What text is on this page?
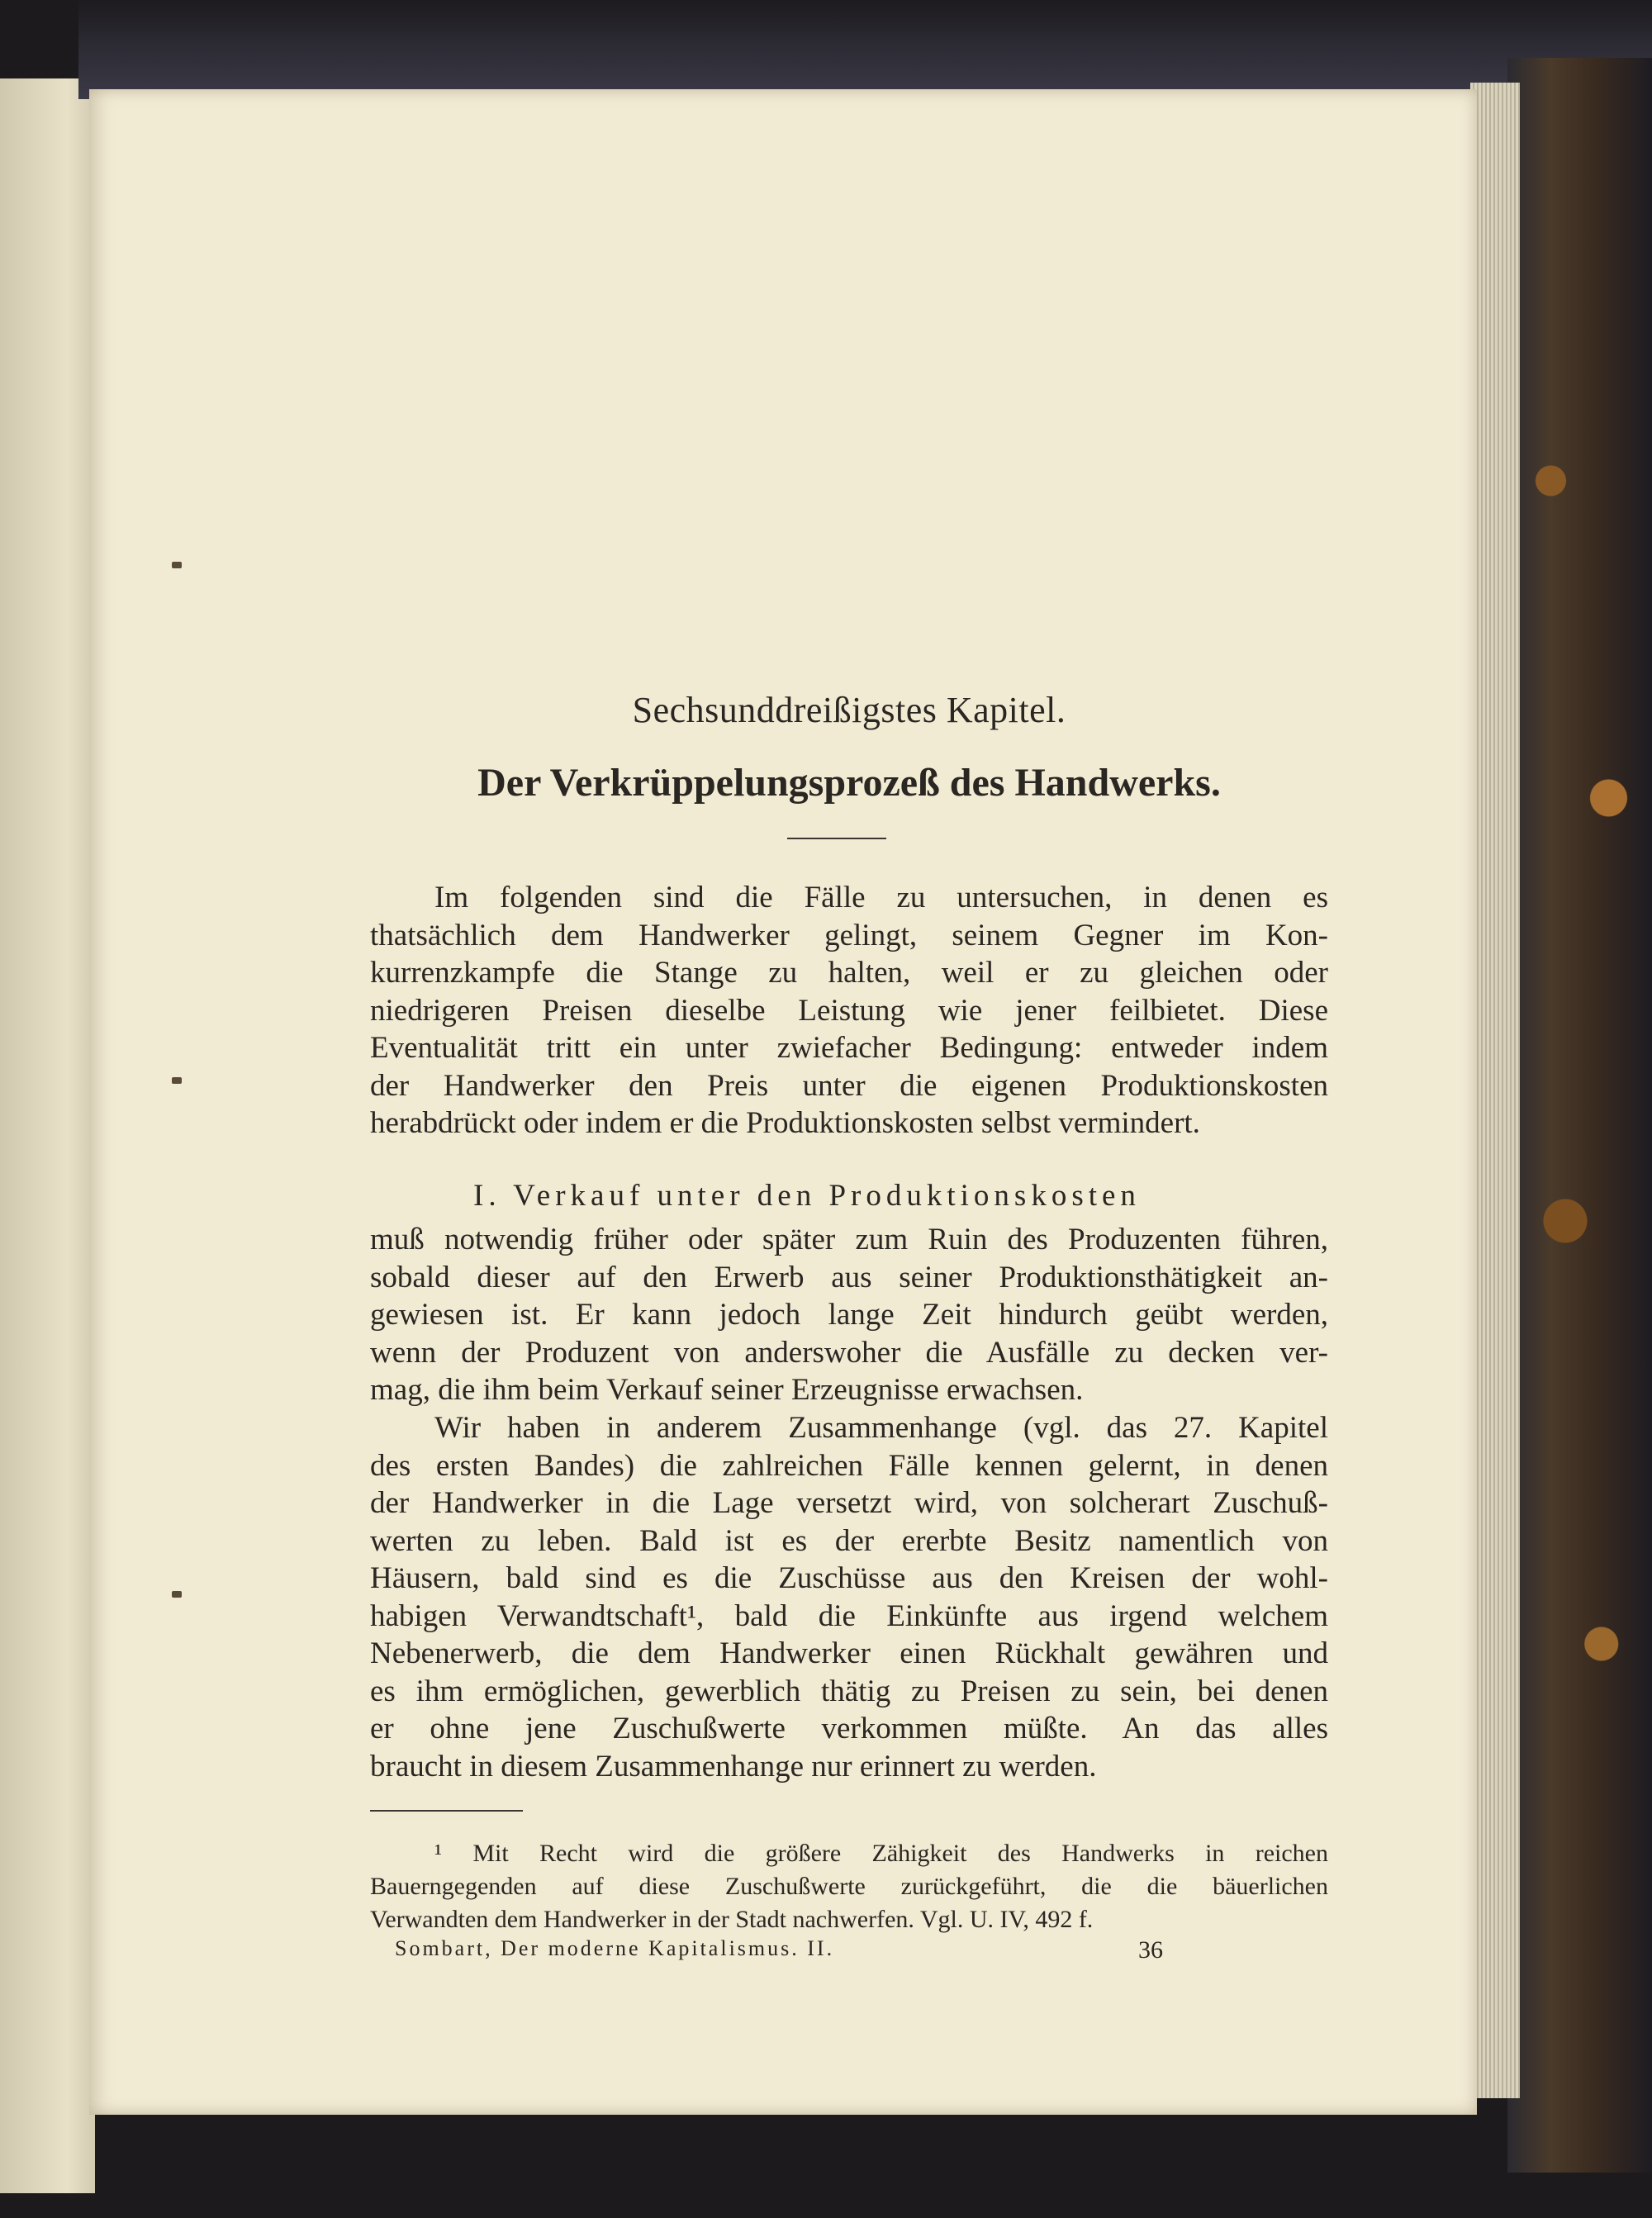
Sechsunddreißigstes Kapitel.
Der Verkrüppelungsprozeß des Handwerks.
Im folgenden sind die Fälle zu untersuchen, in denen es
thatsächlich dem Handwerker gelingt, seinem Gegner im Kon-
kurrenzkampfe die Stange zu halten, weil er zu gleichen oder
niedrigeren Preisen dieselbe Leistung wie jener feilbietet. Diese
Eventualität tritt ein unter zwiefacher Bedingung: entweder indem
der Handwerker den Preis unter die eigenen Produktionskosten
herabdrückt oder indem er die Produktionskosten selbst vermindert.
I. Verkauf unter den Produktionskosten
muß notwendig früher oder später zum Ruin des Produzenten führen,
sobald dieser auf den Erwerb aus seiner Produktionsthätigkeit an-
gewiesen ist. Er kann jedoch lange Zeit hindurch geübt werden,
wenn der Produzent von anderswoher die Ausfälle zu decken ver-
mag, die ihm beim Verkauf seiner Erzeugnisse erwachsen.
Wir haben in anderem Zusammenhange (vgl. das 27. Kapitel
des ersten Bandes) die zahlreichen Fälle kennen gelernt, in denen
der Handwerker in die Lage versetzt wird, von solcherart Zuschuß-
werten zu leben. Bald ist es der ererbte Besitz namentlich von
Häusern, bald sind es die Zuschüsse aus den Kreisen der wohl-
habigen Verwandtschaft¹, bald die Einkünfte aus irgend welchem
Nebenerwerb, die dem Handwerker einen Rückhalt gewähren und
es ihm ermöglichen, gewerblich thätig zu Preisen zu sein, bei denen
er ohne jene Zuschußwerte verkommen müßte. An das alles
braucht in diesem Zusammenhange nur erinnert zu werden.
¹ Mit Recht wird die größere Zähigkeit des Handwerks in reichen
Bauerngegenden auf diese Zuschußwerte zurückgeführt, die die bäuerlichen
Verwandten dem Handwerker in der Stadt nachwerfen. Vgl. U. IV, 492 f.
Sombart, Der moderne Kapitalismus. II.	36
